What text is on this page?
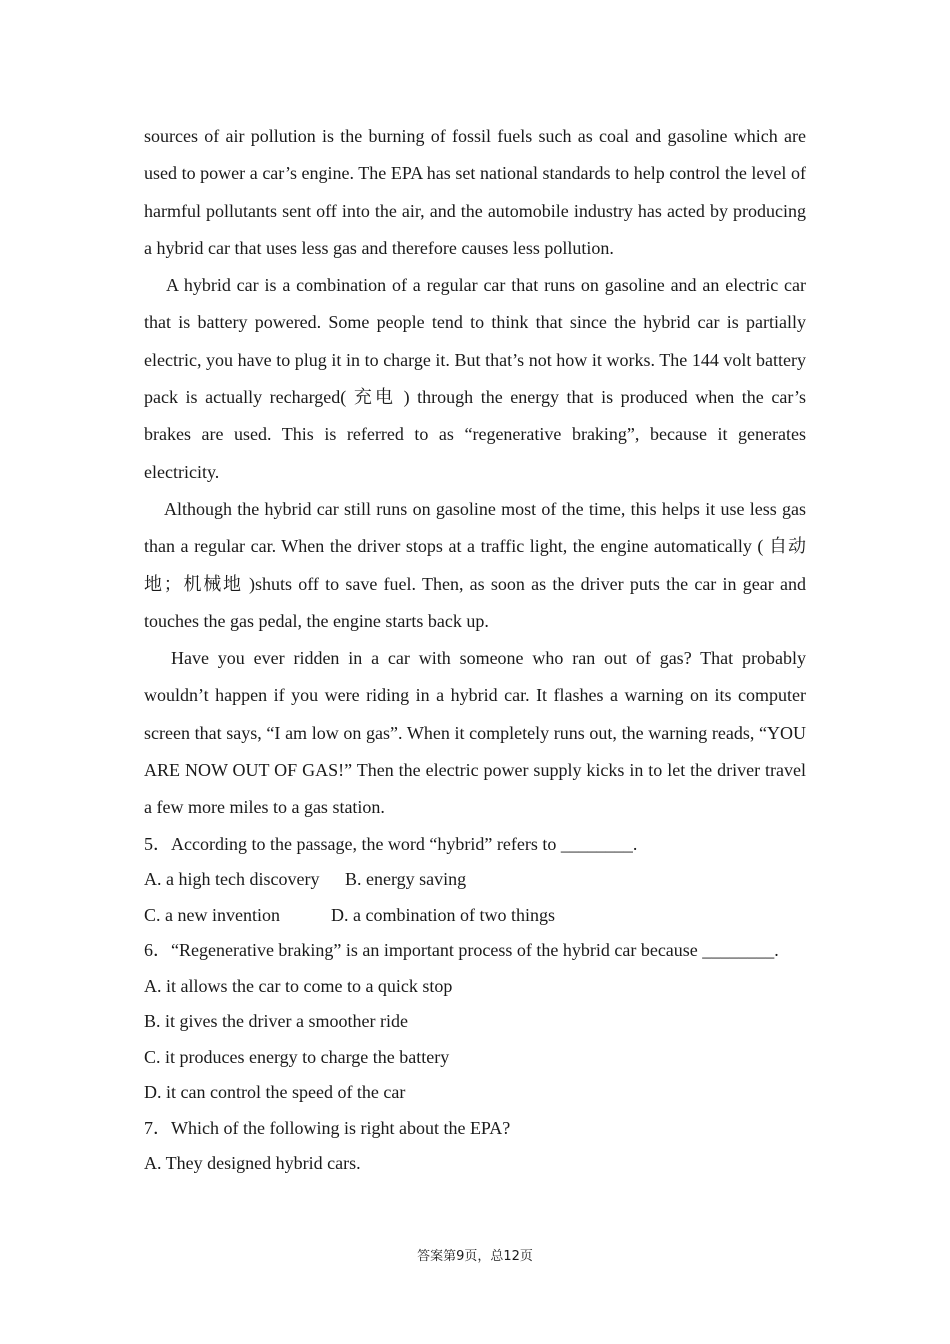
sources of air pollution is the burning of fossil fuels such as coal and gasoline which are used to power a car’s engine. The EPA has set national standards to help control the level of harmful pollutants sent off into the air, and the automobile industry has acted by producing a hybrid car that uses less gas and therefore causes less pollution.

A hybrid car is a combination of a regular car that runs on gasoline and an electric car that is battery powered. Some people tend to think that since the hybrid car is partially electric, you have to plug it in to charge it. But that’s not how it works. The 144 volt battery pack is actually recharged( 充电 ) through the energy that is produced when the car’s brakes are used. This is referred to as “regenerative braking”, because it generates electricity.

Although the hybrid car still runs on gasoline most of the time, this helps it use less gas than a regular car. When the driver stops at a traffic light, the engine automatically ( 自动地；机械地 )shuts off to save fuel. Then, as soon as the driver puts the car in gear and touches the gas pedal, the engine starts back up.

Have you ever ridden in a car with someone who ran out of gas? That probably wouldn’t happen if you were riding in a hybrid car. It flashes a warning on its computer screen that says, “I am low on gas”. When it completely runs out, the warning reads, “YOU ARE NOW OUT OF GAS!” Then the electric power supply kicks in to let the driver travel a few more miles to a gas station.

5．According to the passage, the word “hybrid” refers to ________.

A. a high tech discovery B. energy saving

C. a new invention	D. a combination of two things

6．“Regenerative braking” is an important process of the hybrid car because ________.

A. it allows the car to come to a quick stop

B. it gives the driver a smoother ride

C. it produces energy to charge the battery

D. it can control the speed of the car

7．Which of the following is right about the EPA?

A. They designed hybrid cars.

答案第9页，总12页
